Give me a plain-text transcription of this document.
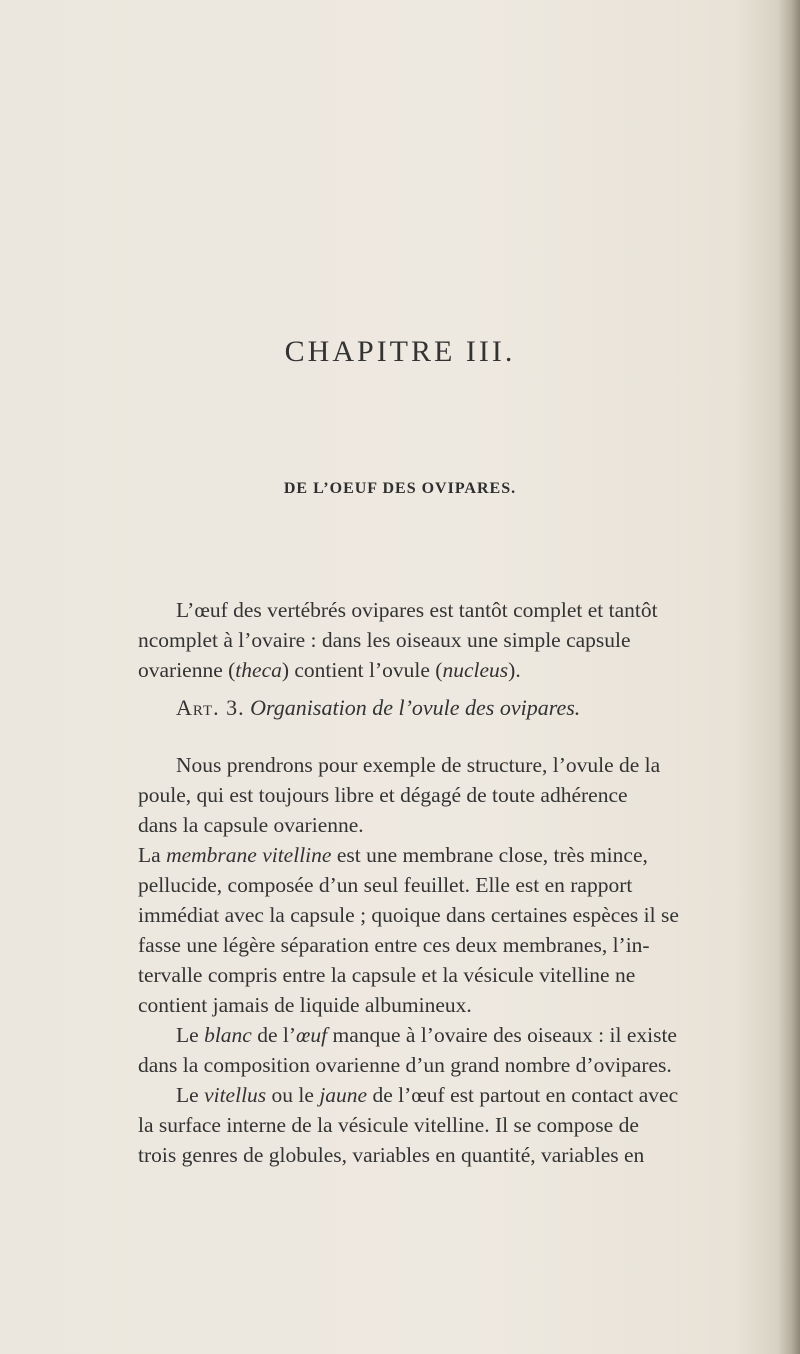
CHAPITRE III.
DE L’OEUF DES OVIPARES.
L’œuf des vertébrés ovipares est tantôt complet et tantôt
ncomplet à l’ovaire : dans les oiseaux une simple capsule
ovarienne (theca) contient l’ovule (nucleus).
Art. 3. Organisation de l’ovule des ovipares.
Nous prendrons pour exemple de structure, l’ovule de la
poule, qui est toujours libre et dégagé de toute adhérence
dans la capsule ovarienne.
La membrane vitelline est une membrane close, très mince,
pellucide, composée d’un seul feuillet. Elle est en rapport
immédiat avec la capsule ; quoique dans certaines espèces il se
fasse une légère séparation entre ces deux membranes, l’in-
tervalle compris entre la capsule et la vésicule vitelline ne
contient jamais de liquide albumineux.
Le blanc de l’œuf manque à l’ovaire des oiseaux : il existe
dans la composition ovarienne d’un grand nombre d’ovipares.
Le vitellus ou le jaune de l’œuf est partout en contact avec
la surface interne de la vésicule vitelline. Il se compose de
trois genres de globules, variables en quantité, variables en
